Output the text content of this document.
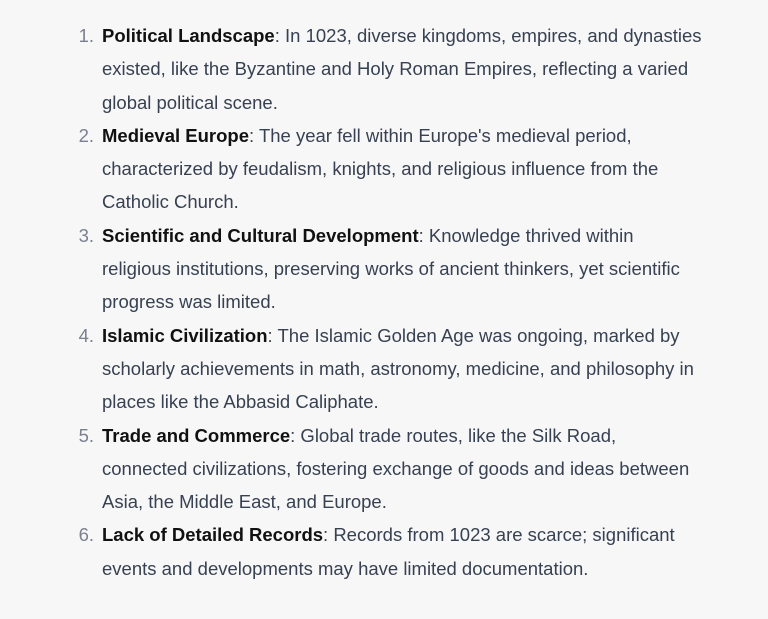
1. Political Landscape: In 1023, diverse kingdoms, empires, and dynasties existed, like the Byzantine and Holy Roman Empires, reflecting a varied global political scene.
2. Medieval Europe: The year fell within Europe's medieval period, characterized by feudalism, knights, and religious influence from the Catholic Church.
3. Scientific and Cultural Development: Knowledge thrived within religious institutions, preserving works of ancient thinkers, yet scientific progress was limited.
4. Islamic Civilization: The Islamic Golden Age was ongoing, marked by scholarly achievements in math, astronomy, medicine, and philosophy in places like the Abbasid Caliphate.
5. Trade and Commerce: Global trade routes, like the Silk Road, connected civilizations, fostering exchange of goods and ideas between Asia, the Middle East, and Europe.
6. Lack of Detailed Records: Records from 1023 are scarce; significant events and developments may have limited documentation.
